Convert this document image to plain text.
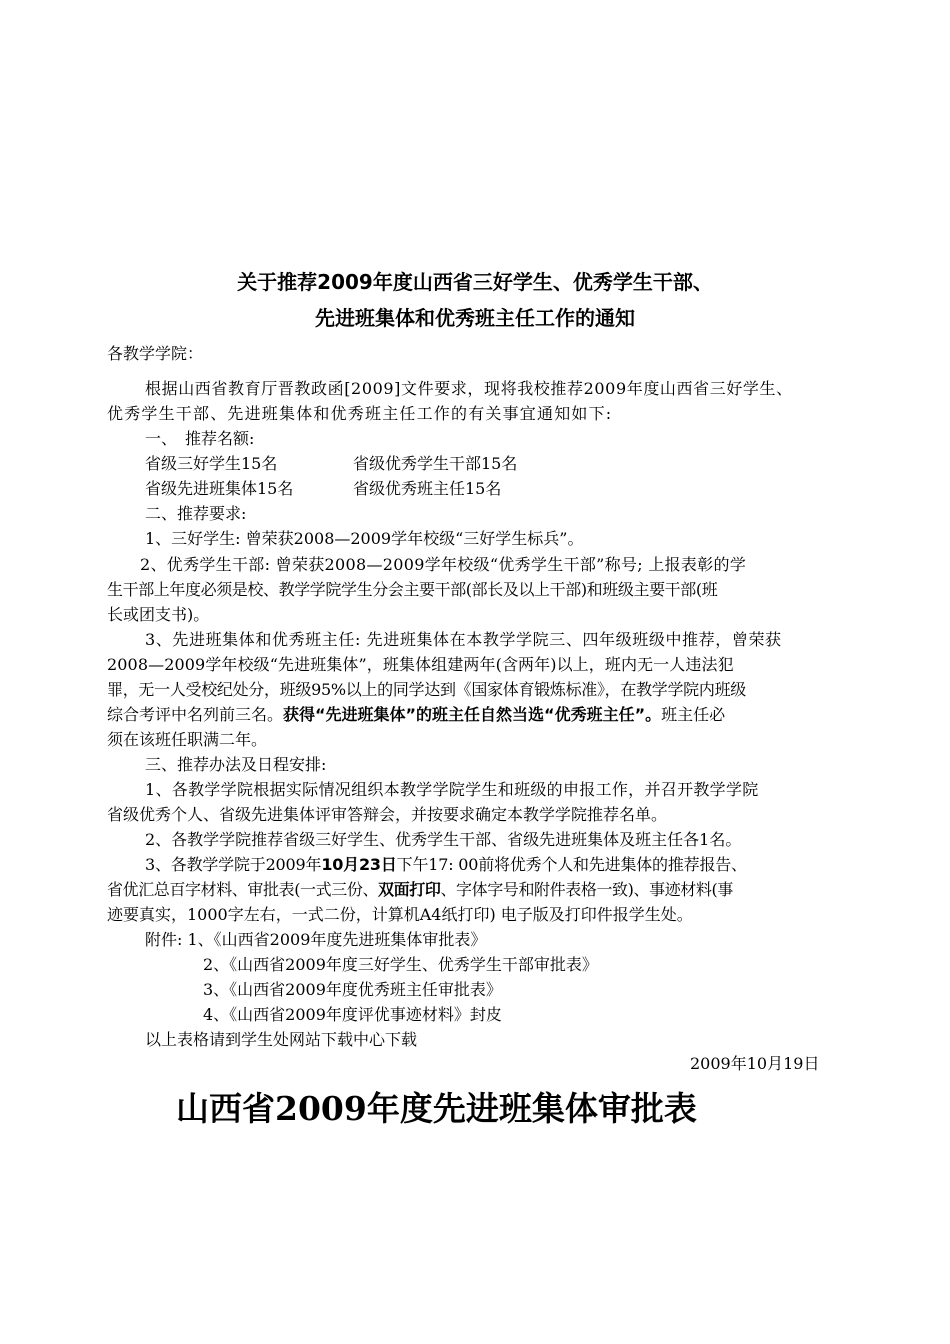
关于推荐2009年度山西省三好学生、优秀学生干部、
先进班集体和优秀班主任工作的通知
各教学学院：
根据山西省教育厅晋教政函[2009]文件要求，现将我校推荐2009年度山西省三好学生、
优秀学生干部、先进班集体和优秀班主任工作的有关事宜通知如下:
一、　推荐名额:
省级三好学生15名	省级优秀学生干部15名
省级先进班集体15名	省级优秀班主任15名
二、推荐要求:
1、三好学生: 曾荣获2008—2009学年校级“三好学生标兵”。
2、优秀学生干部: 曾荣获2008—2009学年校级“优秀学生干部”称号; 上报表彰的学
生干部上年度必须是校、教学学院学生分会主要干部(部长及以上干部)和班级主要干部(班
长或团支书)。
3、先进班集体和优秀班主任: 先进班集体在本教学学院三、四年级班级中推荐，曾荣获
2008—2009学年校级“先进班集体”，班集体组建两年(含两年)以上，班内无一人违法犯
罪，无一人受校纪处分，班级95%以上的同学达到《国家体育锻炼标准》，在教学学院内班级
综合考评中名列前三名。获得“先进班集体”的班主任自然当选“优秀班主任”。班主任必
须在该班任职满二年。
三、推荐办法及日程安排:
1、各教学学院根据实际情况组织本教学学院学生和班级的申报工作，并召开教学学院
省级优秀个人、省级先进集体评审答辩会，并按要求确定本教学学院推荐名单。
2、各教学学院推荐省级三好学生、优秀学生干部、省级先进班集体及班主任各1名。
3、各教学学院于2009年10月23日下午17: 00前将优秀个人和先进集体的推荐报告、
省优汇总百字材料、审批表(一式三份、双面打印、字体字号和附件表格一致)、事迹材料(事
迹要真实，1000字左右，一式二份，计算机A4纸打印) 电子版及打印件报学生处。
附件: 1、《山西省2009年度先进班集体审批表》
2、《山西省2009年度三好学生、优秀学生干部审批表》
3、《山西省2009年度优秀班主任审批表》
4、《山西省2009年度评优事迹材料》封皮
以上表格请到学生处网站下载中心下载
2009年10月19日
山西省2009年度先进班集体审批表
